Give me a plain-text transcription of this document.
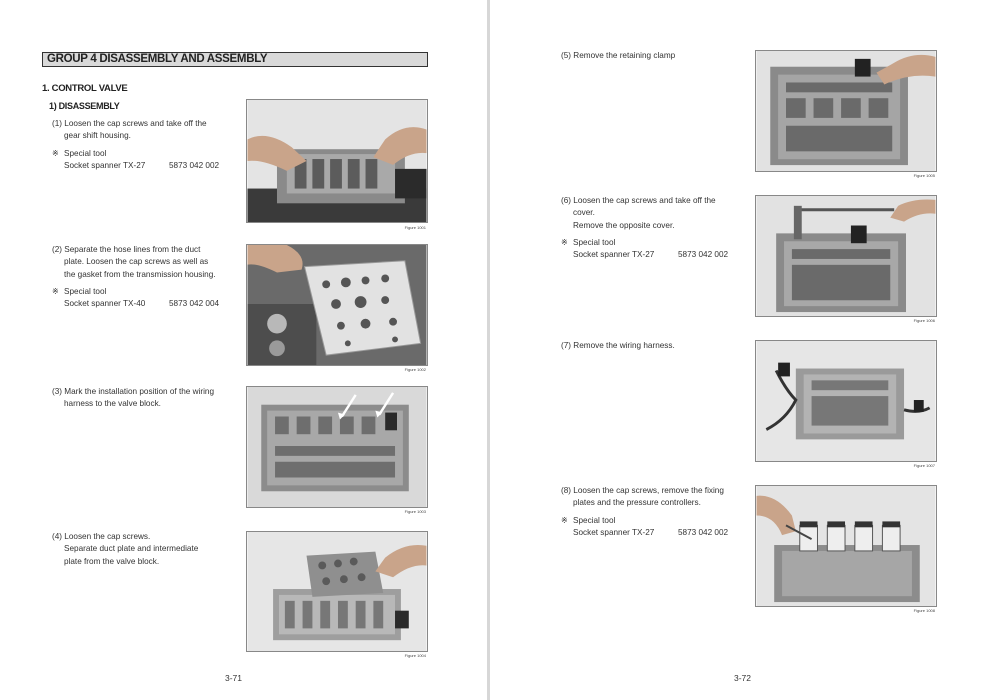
GROUP 4 DISASSEMBLY AND ASSEMBLY
1. CONTROL VALVE
1) DISASSEMBLY
(1) Loosen the cap screws and take off the
gear shift housing.
※ Special tool
Socket spanner TX-27	5873 042 002
Figure 1001
(2) Separate the hose lines from the duct
plate. Loosen the cap screws as well as
the gasket from the transmission housing.
※ Special tool
Socket spanner TX-40	5873 042 004
Figure 1002
(3) Mark the installation position of the wiring
harness to the valve block.
Figure 1003
(4) Loosen the cap screws.
Separate duct plate and intermediate
plate from the valve block.
Figure 1004
3-71
(5) Remove the retaining clamp
Figure 1005
(6) Loosen the cap screws and take off the
cover.
Remove the opposite cover.
※ Special tool
Socket spanner TX-27	5873 042 002
Figure 1006
(7) Remove the wiring harness.
Figure 1007
(8) Loosen the cap screws, remove the fixing
plates and the pressure controllers.
※ Special tool
Socket spanner TX-27	5873 042 002
Figure 1008
3-72
